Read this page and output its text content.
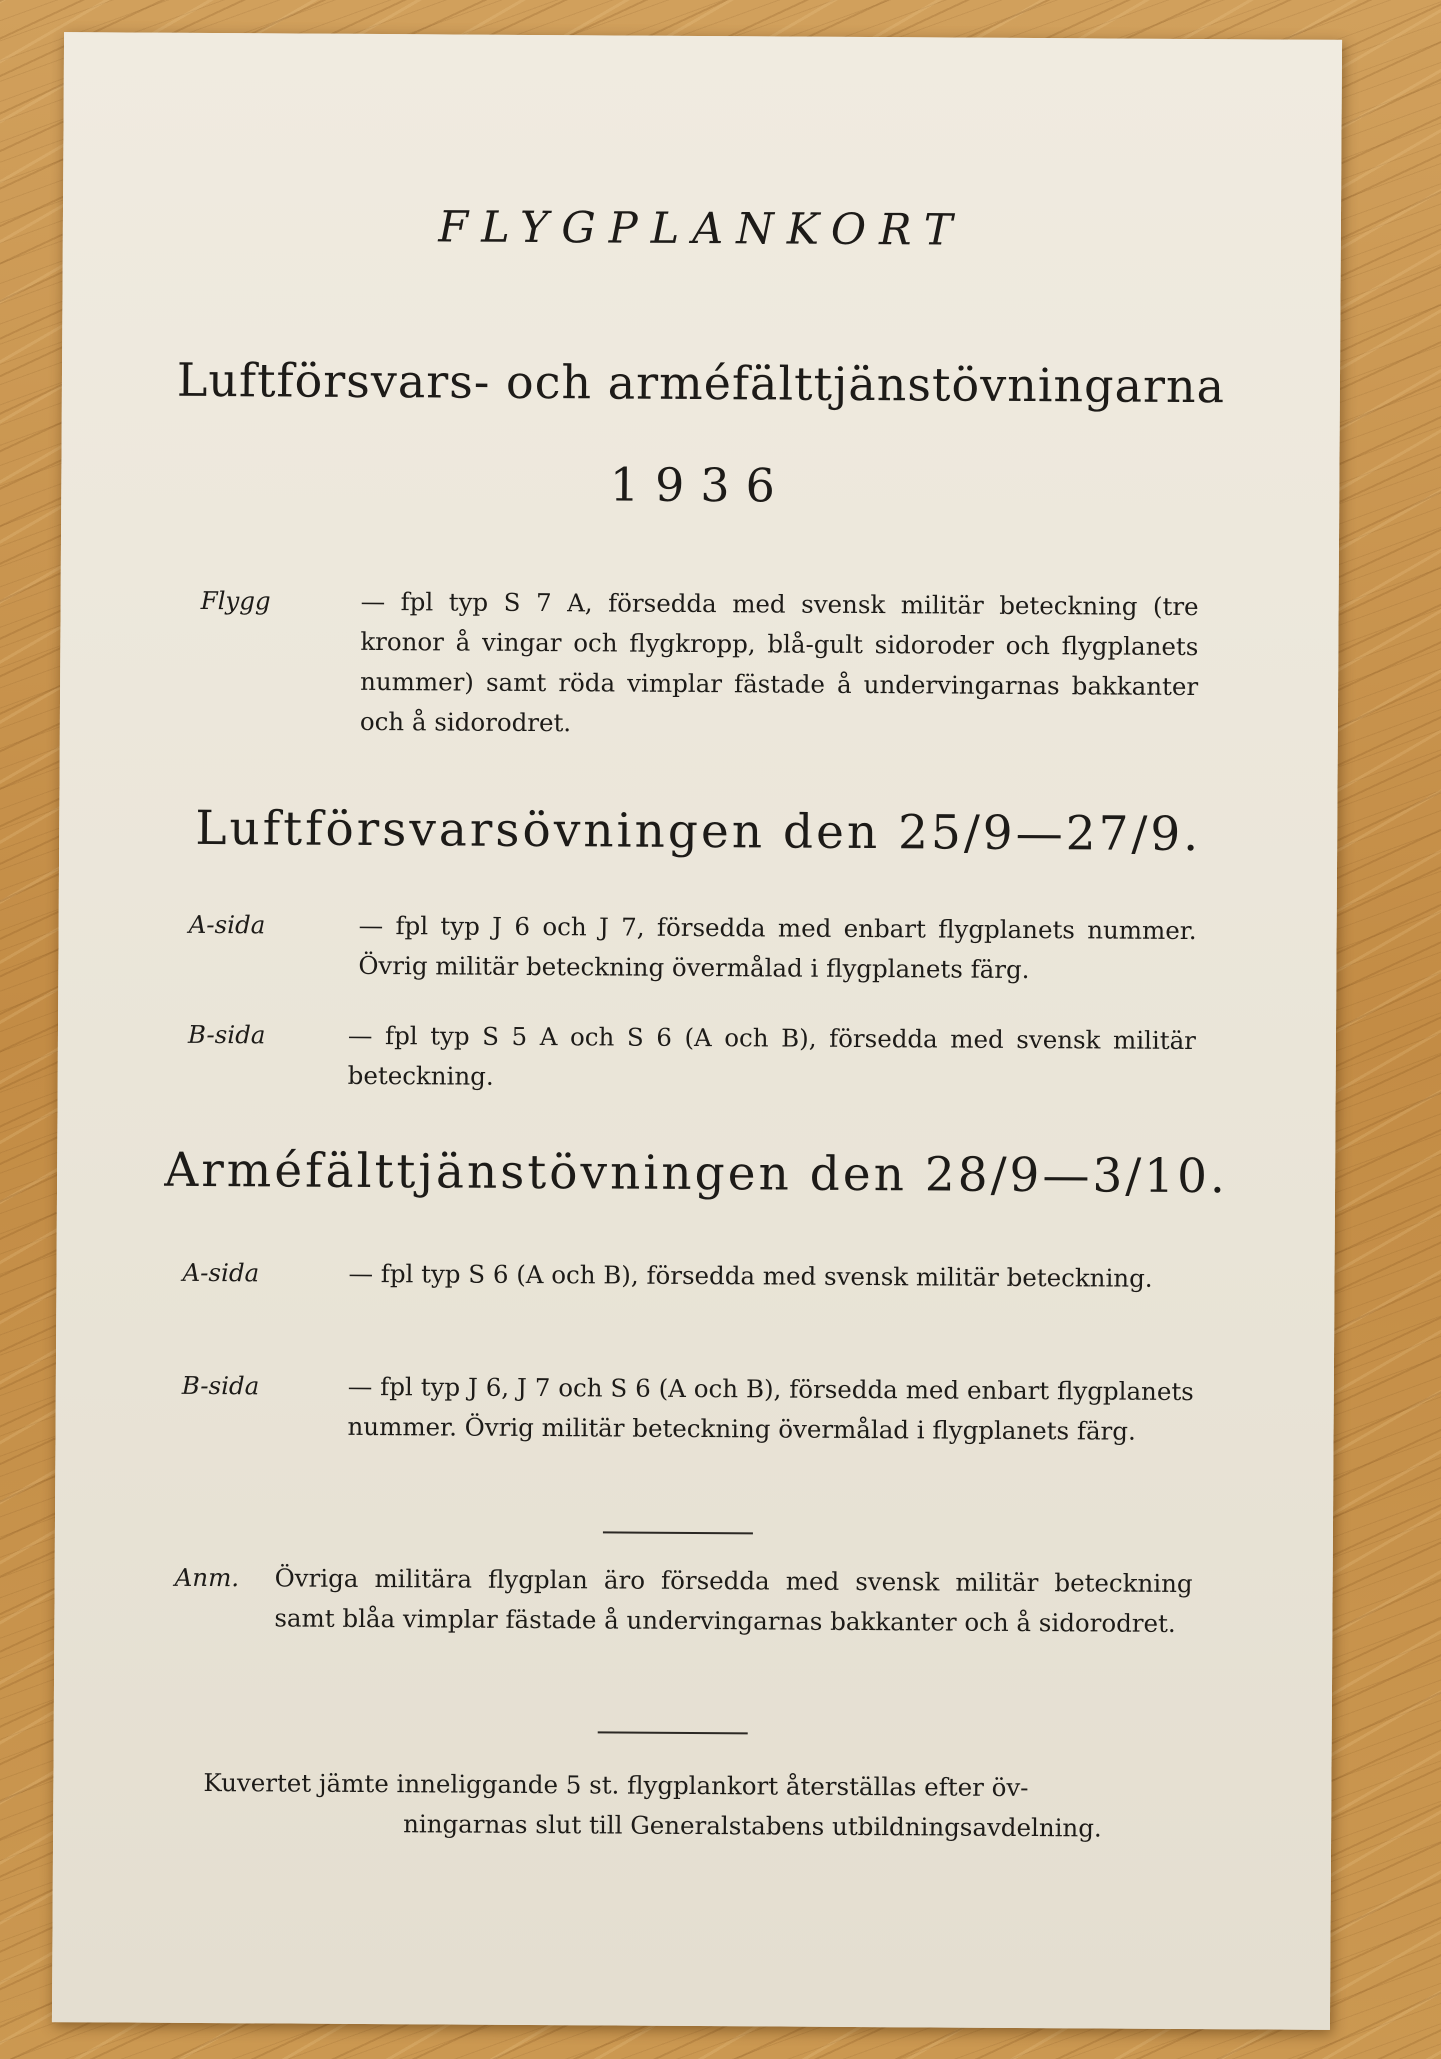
FLYGPLANKORT
Luftförsvars- och arméfälttjänstövningarna
1936
Flygg	— fpl typ S 7 A, försedda med svensk militär beteckning (tre kronor å vingar och flygkropp, blå-gult sidoroder och flygplanets nummer) samt röda vimplar fästade å undervingarnas bakkanter och å sidorodret.
Luftförsvarsövningen den 25/9—27/9.
A-sida	— fpl typ J 6 och J 7, försedda med enbart flygplanets nummer. Övrig militär beteckning övermålad i flygplanets färg.
B-sida	— fpl typ S 5 A och S 6 (A och B), försedda med svensk militär beteckning.
Arméfälttjänstövningen den 28/9—3/10.
A-sida	— fpl typ S 6 (A och B), försedda med svensk militär beteckning.
B-sida	— fpl typ J 6, J 7 och S 6 (A och B), försedda med enbart flygplanets nummer. Övrig militär beteckning övermålad i flygplanets färg.
Anm. Övriga militära flygplan äro försedda med svensk militär beteckning samt blåa vimplar fästade å undervingarnas bakkanter och å sidorodret.
Kuvertet jämte inneliggande 5 st. flygplankort återställas efter öv-
ningarnas slut till Generalstabens utbildningsavdelning.
